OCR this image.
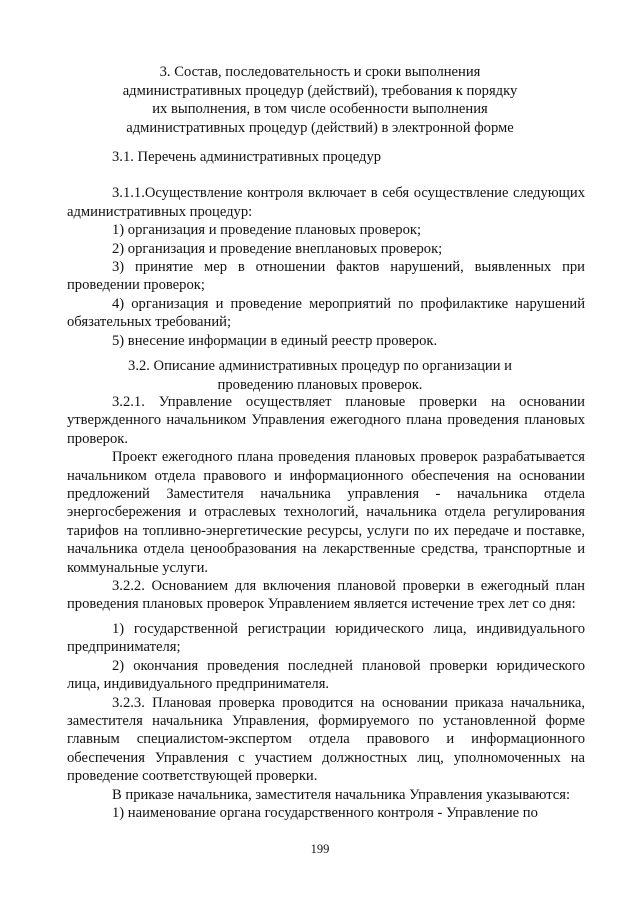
3. Состав, последовательность и сроки выполнения
административных процедур (действий), требования к порядку
их выполнения, в том числе особенности выполнения
административных процедур (действий) в электронной форме

3.1. Перечень административных процедур

3.1.1.Осуществление контроля включает в себя осуществление следующих административных процедур:

1) организация и проведение плановых проверок;

2) организация и проведение внеплановых проверок;

3) принятие мер в отношении фактов нарушений, выявленных при проведении проверок;

4) организация и проведение мероприятий по профилактике нарушений обязательных требований;

5) внесение информации в единый реестр проверок.

3.2. Описание административных процедур по организации и
проведению плановых проверок.

3.2.1. Управление осуществляет плановые проверки на основании утвержденного начальником Управления ежегодного плана проведения плановых проверок.

Проект ежегодного плана проведения плановых проверок разрабатывается начальником отдела правового и информационного обеспечения на основании предложений Заместителя начальника управления - начальника отдела энергосбережения и отраслевых технологий, начальника отдела регулирования тарифов на топливно-энергетические ресурсы, услуги по их передаче и поставке, начальника отдела ценообразования на лекарственные средства, транспортные и коммунальные услуги.

3.2.2. Основанием для включения плановой проверки в ежегодный план проведения плановых проверок Управлением является истечение трех лет со дня:

1) государственной регистрации юридического лица, индивидуального предпринимателя;

2) окончания проведения последней плановой проверки юридического лица, индивидуального предпринимателя.

3.2.3. Плановая проверка проводится на основании приказа начальника, заместителя начальника Управления, формируемого по установленной форме главным специалистом-экспертом отдела правового и информационного обеспечения Управления с участием должностных лиц, уполномоченных на проведение соответствующей проверки.

В приказе начальника, заместителя начальника Управления указываются:

1) наименование органа государственного контроля - Управление по

199
